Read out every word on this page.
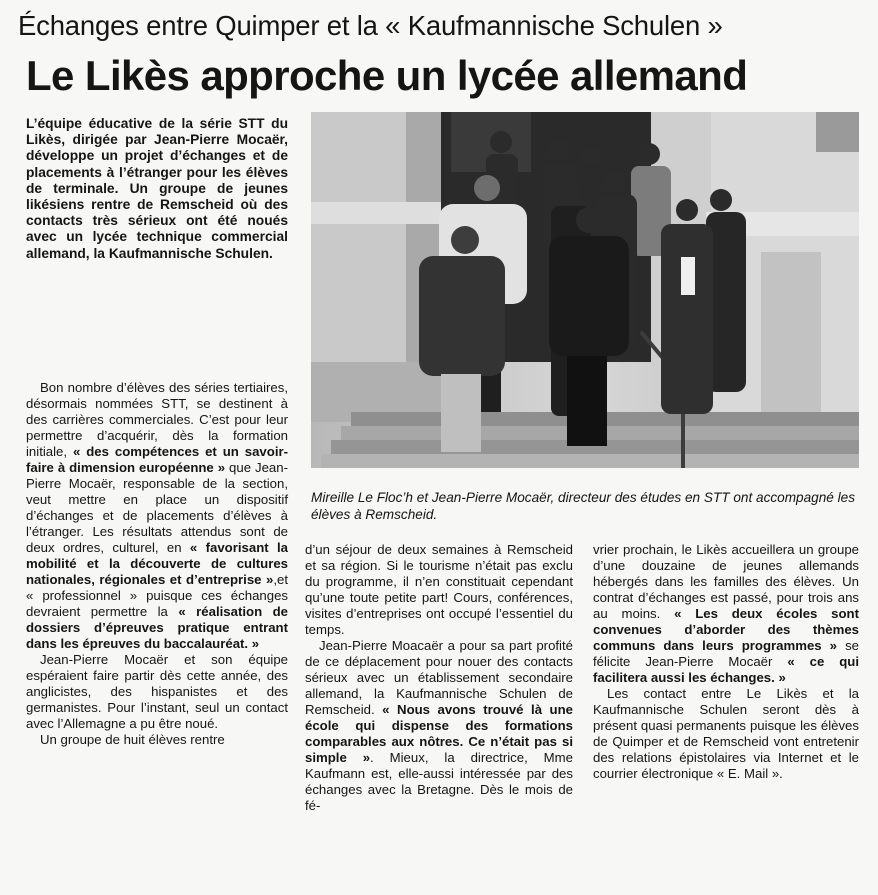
Échanges entre Quimper et la « Kaufmannische Schulen »
Le Likès approche un lycée allemand
L’équipe éducative de la série STT du Likès, dirigée par Jean-Pierre Mocaër, développe un projet d’échanges et de placements à l’étranger pour les élèves de terminale. Un groupe de jeunes likésiens rentre de Remscheid où des contacts très sérieux ont été noués avec un lycée technique commercial allemand, la Kaufmannische Schulen.
Mireille Le Floc’h et Jean-Pierre Mocaër, directeur des études en STT ont accompagné les élèves à Remscheid.

Bon nombre d’élèves des séries tertiaires, désormais nommées STT, se destinent à des carrières commerciales. C’est pour leur permettre d’acquérir, dès la formation initiale, « des compétences et un savoir-faire à dimension européenne » que Jean-Pierre Mocaër, responsable de la section, veut mettre en place un dispositif d’échanges et de placements d’élèves à l’étranger. Les résultats attendus sont de deux ordres, culturel, en « favorisant la mobilité et la découverte de cultures nationales, régionales et d’entreprise »,et « professionnel » puisque ces échanges devraient permettre la « réalisation de dossiers d’épreuves pratique entrant dans les épreuves du baccalauréat. »

Jean-Pierre Mocaër et son équipe espéraient faire partir dès cette année, des anglicistes, des hispanistes et des germanistes. Pour l’instant, seul un contact avec l’Allemagne a pu être noué.

Un groupe de huit élèves rentre

d’un séjour de deux semaines à Remscheid et sa région. Si le tourisme n’était pas exclu du programme, il n’en constituait cependant qu’une toute petite part! Cours, conférences, visites d’entreprises ont occupé l’essentiel du temps.

Jean-Pierre Moacaër a pour sa part profité de ce déplacement pour nouer des contacts sérieux avec un établissement secondaire allemand, la Kaufmannische Schulen de Remscheid. « Nous avons trouvé là une école qui dispense des formations comparables aux nôtres. Ce n’était pas si simple ». Mieux, la directrice, Mme Kaufmann est, elle-aussi intéressée par des échanges avec la Bretagne. Dès le mois de fé-

vrier prochain, le Likès accueillera un groupe d’une douzaine de jeunes allemands hébergés dans les familles des élèves. Un contrat d’échanges est passé, pour trois ans au moins. « Les deux écoles sont convenues d’aborder des thèmes communs dans leurs programmes » se félicite Jean-Pierre Mocaër « ce qui facilitera aussi les échanges. »

Les contact entre Le Likès et la Kaufmannische Schulen seront dès à présent quasi permanents puisque les élèves de Quimper et de Remscheid vont entretenir des relations épistolaires via Internet et le courrier électronique « E. Mail ».
